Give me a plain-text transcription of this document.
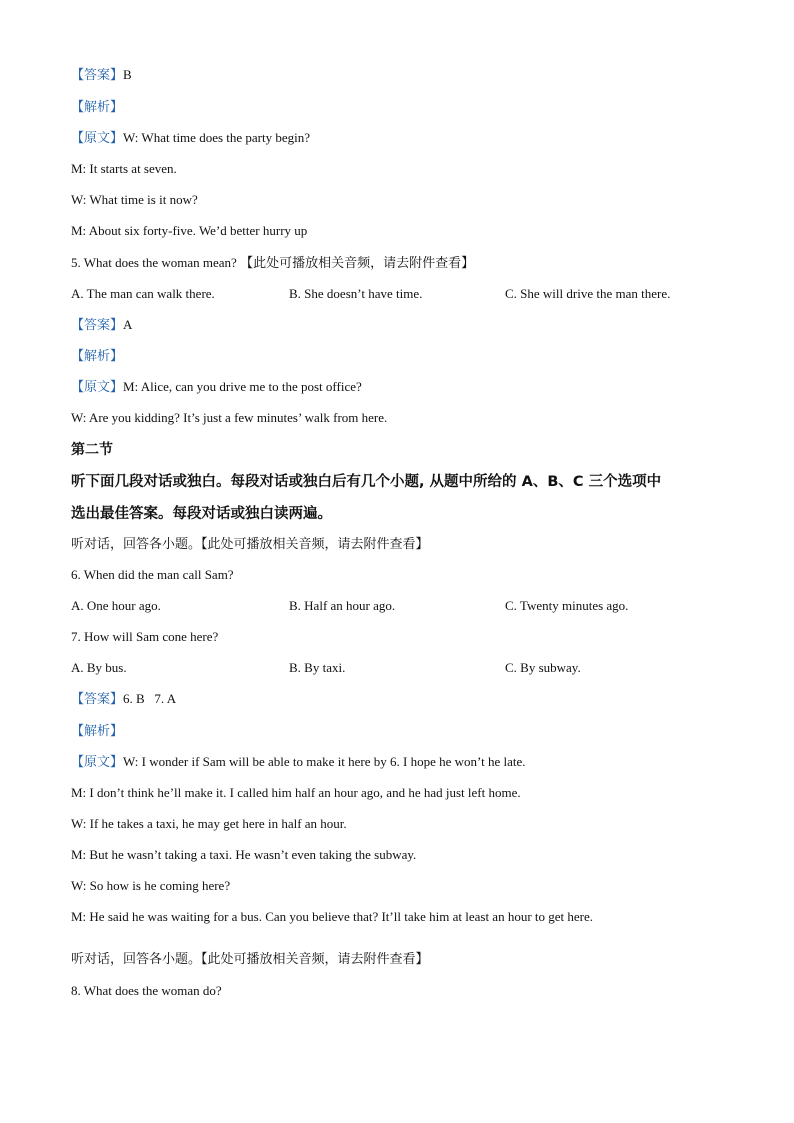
【答案】B
【解析】
【原文】W: What time does the party begin?
M: It starts at seven.
W: What time is it now?
M: About six forty-five. We’d better hurry up
5. What does the woman mean? 【此处可播放相关音频，请去附件查看】
A. The man can walk there.	B. She doesn’t have time.	C. She will drive the man there.
【答案】A
【解析】
【原文】M: Alice, can you drive me to the post office?
W: Are you kidding? It’s just a few minutes’ walk from here.
第二节
听下面几段对话或独白。每段对话或独白后有几个小题, 从题中所给的 A、B、C 三个选项中
选出最佳答案。每段对话或独白读两遍。
听对话，回答各小题。【此处可播放相关音频，请去附件查看】
6. When did the man call Sam?
A. One hour ago.	B. Half an hour ago.	C. Twenty minutes ago.
7. How will Sam cone here?
A. By bus.	B. By taxi.	C. By subway.
【答案】6. B   7. A
【解析】
【原文】W: I wonder if Sam will be able to make it here by 6. I hope he won’t he late.
M: I don’t think he’ll make it. I called him half an hour ago, and he had just left home.
W: If he takes a taxi, he may get here in half an hour.
M: But he wasn’t taking a taxi. He wasn’t even taking the subway.
W: So how is he coming here?
M: He said he was waiting for a bus. Can you believe that? It’ll take him at least an hour to get here.
听对话，回答各小题。【此处可播放相关音频，请去附件查看】
8. What does the woman do?
